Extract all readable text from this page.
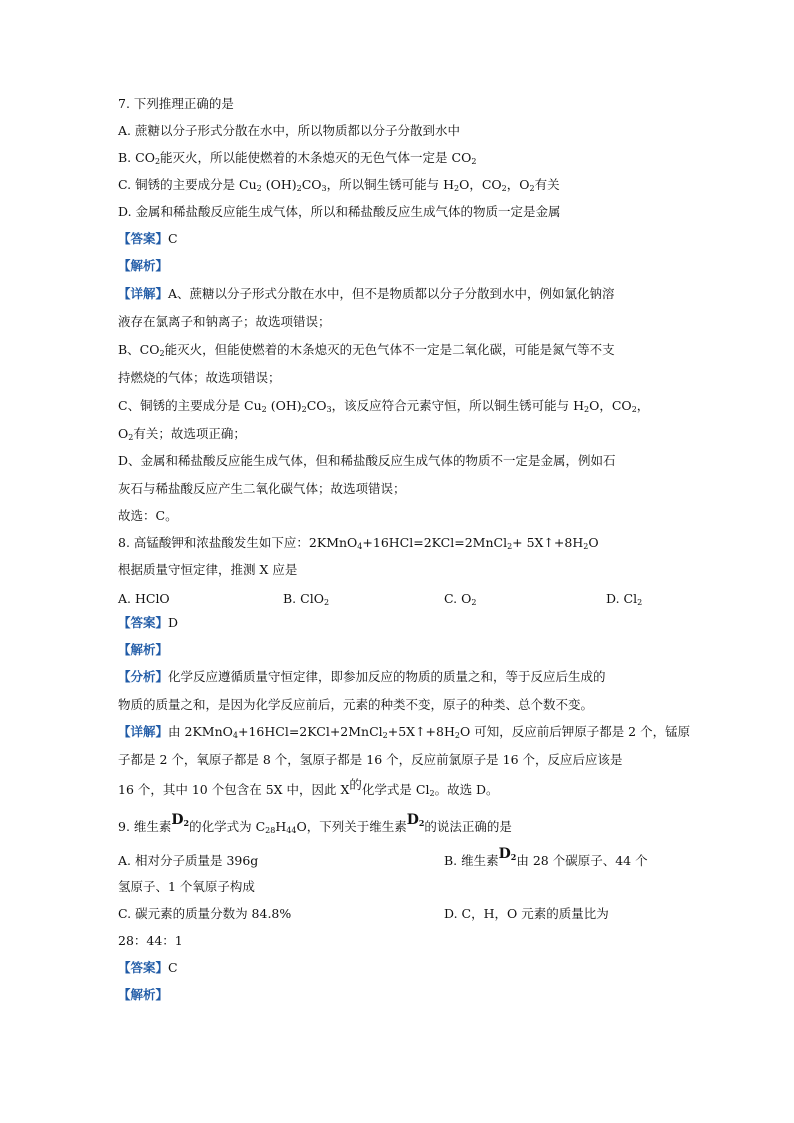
7. 下列推理正确的是
A. 蔗糖以分子形式分散在水中，所以物质都以分子分散到水中
B. $CO_2$能灭火，所以能使燃着的木条熄灭的无色气体一定是 $CO_2$
C. 铜锈的主要成分是 $Cu_2$ $(OH)_2CO_3$，所以铜生锈可能与 $H_2O$，$CO_2$，$O_2$有关
D. 金属和稀盐酸反应能生成气体，所以和稀盐酸反应生成气体的物质一定是金属
【答案】C
【解析】
【详解】A、蔗糖以分子形式分散在水中，但不是物质都以分子分散到水中，例如氯化钠溶
液存在氯离子和钠离子；故选项错误；
B、$CO_2$能灭火，但能使燃着的木条熄灭的无色气体不一定是二氧化碳，可能是氮气等不支
持燃烧的气体；故选项错误；
C、铜锈的主要成分是 $Cu_2$ $(OH)_2CO_3$，该反应符合元素守恒，所以铜生锈可能与 $H_2O$，$CO_2$，
$O_2$有关；故选项正确；
D、金属和稀盐酸反应能生成气体，但和稀盐酸反应生成气体的物质不一定是金属，例如石
灰石与稀盐酸反应产生二氧化碳气体；故选项错误；
故选：C。
8. 高锰酸钾和浓盐酸发生如下应：2KMnO$_4$+16HCl=2KCl=2MnCl$_2$+ $5X↑+8H_2O$
根据质量守恒定律，推测 X 应是
A. HClO	B. ClO$_2$	C. $O_2$	D. $Cl_2$
【答案】D
【解析】
【分析】化学反应遵循质量守恒定律，即参加反应的物质的质量之和，等于反应后生成的
物质的质量之和，是因为化学反应前后，元素的种类不变，原子的种类、总个数不变。
【详解】由 $2KMnO_4+16HCl=2KCl+2MnCl_2+5X↑+8H_2O$ 可知，反应前后钾原子都是 2 个，锰原
子都是 2 个，氧原子都是 8 个，氢原子都是 16 个，反应前氯原子是 16 个，反应后应该是
16 个，其中 10 个包含在 5X 中，因此 X的化学式是 $Cl_2$。故选 D。
9. 维生素$D_2$的化学式为 $C_{28}H_{44}O$，下列关于维生素$D_2$的说法正确的是
A. 相对分子质量是 396g	B. 维生素$D_2$由 28 个碳原子、44 个
氢原子、1 个氧原子构成
C. 碳元素的质量分数为 84.8%	D. C，H，O 元素的质量比为
28：44：1
【答案】C
【解析】
